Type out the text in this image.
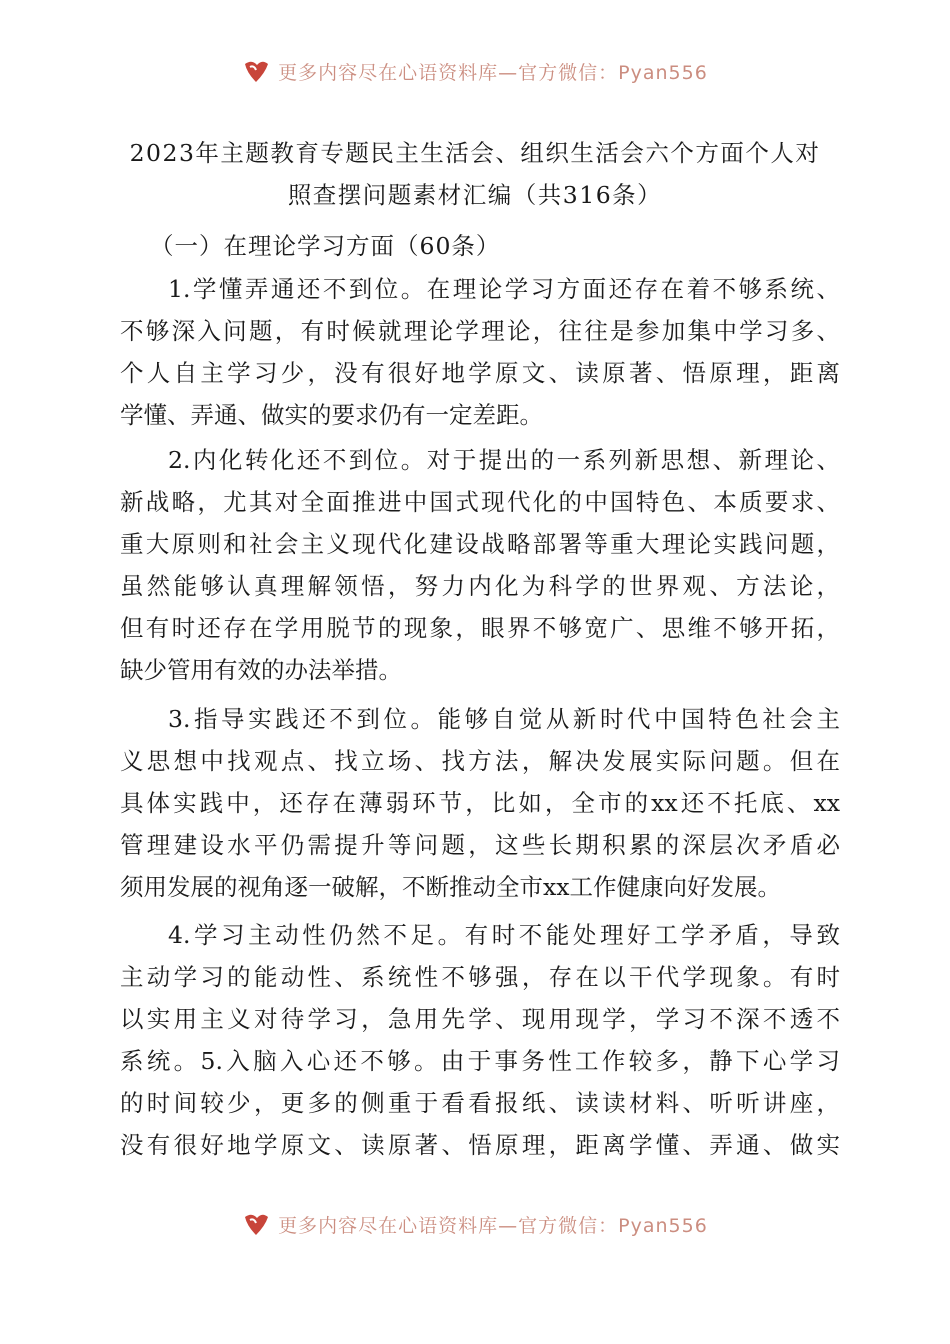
更多内容尽在心语资料库—官方微信：Pyan556
2023年主题教育专题民主生活会、组织生活会六个方面个人对
照查摆问题素材汇编（共316条）
（一）在理论学习方面（60条）
1.学懂弄通还不到位。在理论学习方面还存在着不够系统、
不够深入问题，有时候就理论学理论，往往是参加集中学习多、
个人自主学习少，没有很好地学原文、读原著、悟原理，距离
学懂、弄通、做实的要求仍有一定差距。
2.内化转化还不到位。对于提出的一系列新思想、新理论、
新战略，尤其对全面推进中国式现代化的中国特色、本质要求、
重大原则和社会主义现代化建设战略部署等重大理论实践问题，
虽然能够认真理解领悟，努力内化为科学的世界观、方法论，
但有时还存在学用脱节的现象，眼界不够宽广、思维不够开拓，
缺少管用有效的办法举措。
3.指导实践还不到位。能够自觉从新时代中国特色社会主
义思想中找观点、找立场、找方法，解决发展实际问题。但在
具体实践中，还存在薄弱环节，比如，全市的xx还不托底、xx
管理建设水平仍需提升等问题，这些长期积累的深层次矛盾必
须用发展的视角逐一破解，不断推动全市xx工作健康向好发展。
4.学习主动性仍然不足。有时不能处理好工学矛盾，导致
主动学习的能动性、系统性不够强，存在以干代学现象。有时
以实用主义对待学习，急用先学、现用现学，学习不深不透不
系统。5.入脑入心还不够。由于事务性工作较多，静下心学习
的时间较少，更多的侧重于看看报纸、读读材料、听听讲座，
没有很好地学原文、读原著、悟原理，距离学懂、弄通、做实
更多内容尽在心语资料库—官方微信：Pyan556
